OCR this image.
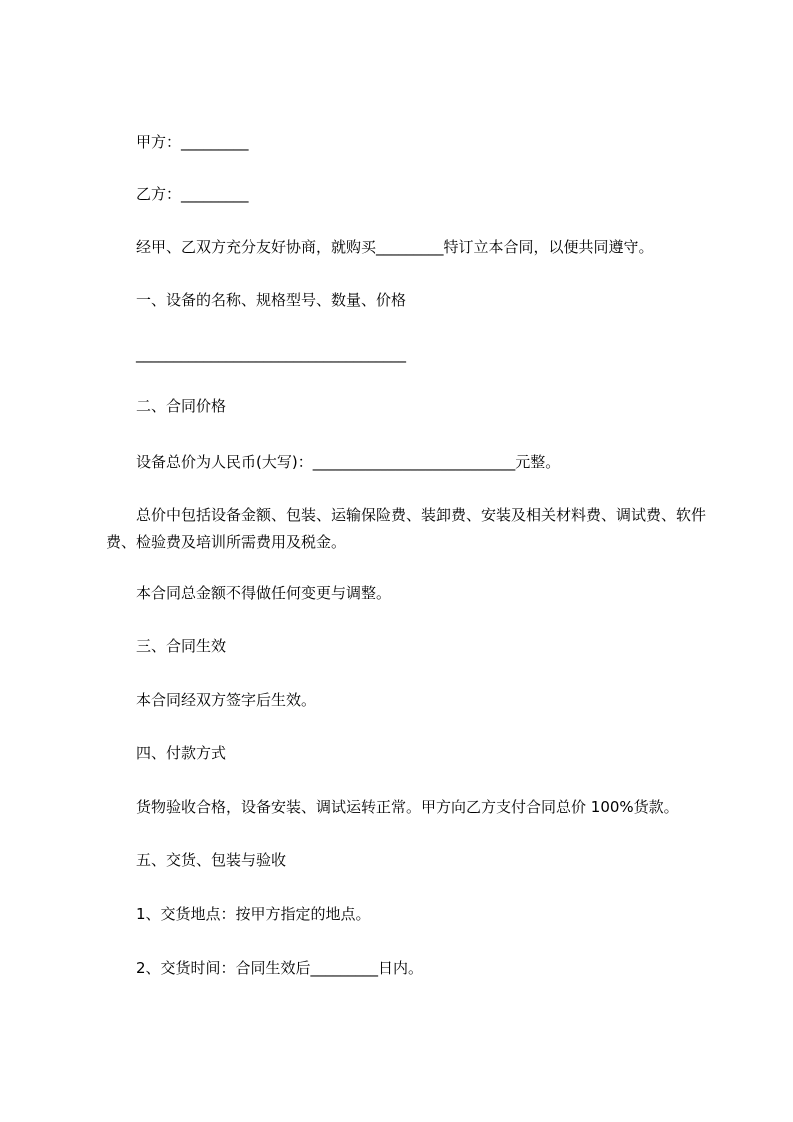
甲方：_________
乙方：_________
经甲、乙双方充分友好协商，就购买_________特订立本合同，以便共同遵守。
一、设备的名称、规格型号、数量、价格
____________________________________
二、合同价格
设备总价为人民币(大写)：___________________________元整。
总价中包括设备金额、包装、运输保险费、装卸费、安装及相关材料费、调试费、软件费、检验费及培训所需费用及税金。
本合同总金额不得做任何变更与调整。
三、合同生效
本合同经双方签字后生效。
四、付款方式
货物验收合格，设备安装、调试运转正常。甲方向乙方支付合同总价 100%货款。
五、交货、包装与验收
1、交货地点：按甲方指定的地点。
2、交货时间：合同生效后_________日内。
